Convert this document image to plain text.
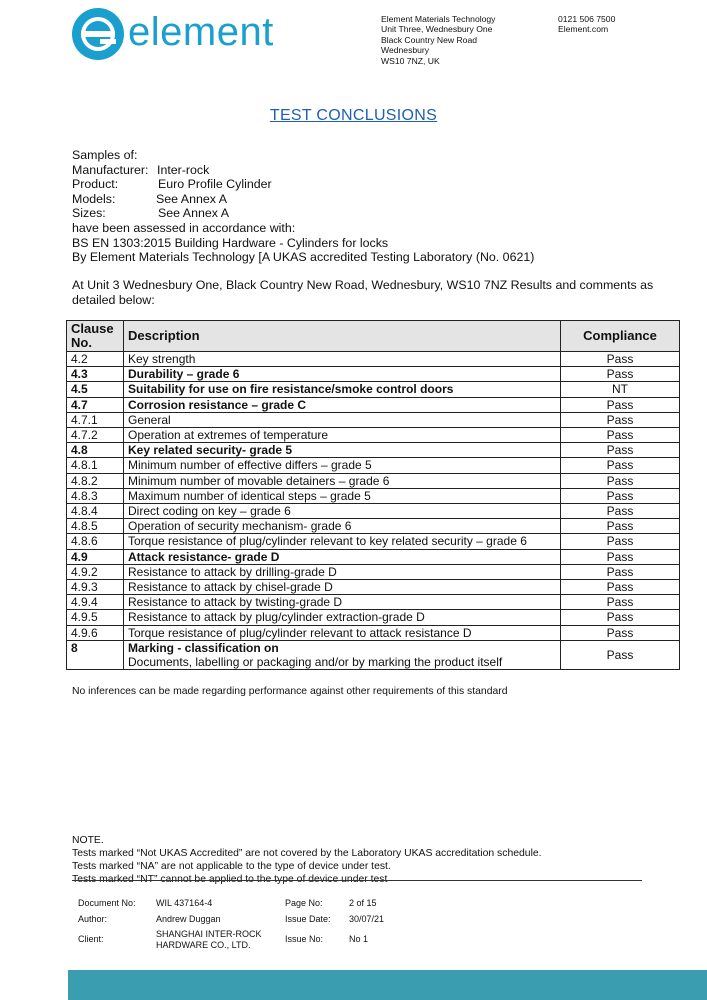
element	Element Materials Technology
Unit Three, Wednesbury One
Black Country New Road
Wednesbury
WS10 7NZ, UK
0121 506 7500
Element.com
TEST CONCLUSIONS
Samples of:
Manufacturer: Inter-rock
Product:	Euro Profile Cylinder
Models:	See Annex A
Sizes:	See Annex A
have been assessed in accordance with:
BS EN 1303:2015 Building Hardware - Cylinders for locks
By Element Materials Technology [A UKAS accredited Testing Laboratory (No. 0621)
At Unit 3 Wednesbury One, Black Country New Road, Wednesbury, WS10 7NZ Results and comments as detailed below:
Clause No.	Description	Compliance
4.2	Key strength	Pass
4.3	Durability – grade 6	Pass
4.5	Suitability for use on fire resistance/smoke control doors	NT
4.7	Corrosion resistance – grade C	Pass
4.7.1	General	Pass
4.7.2	Operation at extremes of temperature	Pass
4.8	Key related security- grade 5	Pass
4.8.1	Minimum number of effective differs – grade 5	Pass
4.8.2	Minimum number of movable detainers – grade 6	Pass
4.8.3	Maximum number of identical steps – grade 5	Pass
4.8.4	Direct coding on key – grade 6	Pass
4.8.5	Operation of security mechanism- grade 6	Pass
4.8.6	Torque resistance of plug/cylinder relevant to key related security – grade 6	Pass
4.9	Attack resistance- grade D	Pass
4.9.2	Resistance to attack by drilling-grade D	Pass
4.9.3	Resistance to attack by chisel-grade D	Pass
4.9.4	Resistance to attack by twisting-grade D	Pass
4.9.5	Resistance to attack by plug/cylinder extraction-grade D	Pass
4.9.6	Torque resistance of plug/cylinder relevant to attack resistance D	Pass
8	Marking - classification on
Documents, labelling or packaging and/or by marking the product itself	Pass
No inferences can be made regarding performance against other requirements of this standard
NOTE.
Tests marked “Not UKAS Accredited” are not covered by the Laboratory UKAS accreditation schedule.
Tests marked “NA” are not applicable to the type of device under test.
Tests marked “NT” cannot be applied to the type of device under test
Document No: WIL 437164-4
Author:	Andrew Duggan
Client:	SHANGHAI INTER-ROCK
HARDWARE CO., LTD.
Page No:	2 of 15
Issue Date: 30/07/21
Issue No:	No 1
